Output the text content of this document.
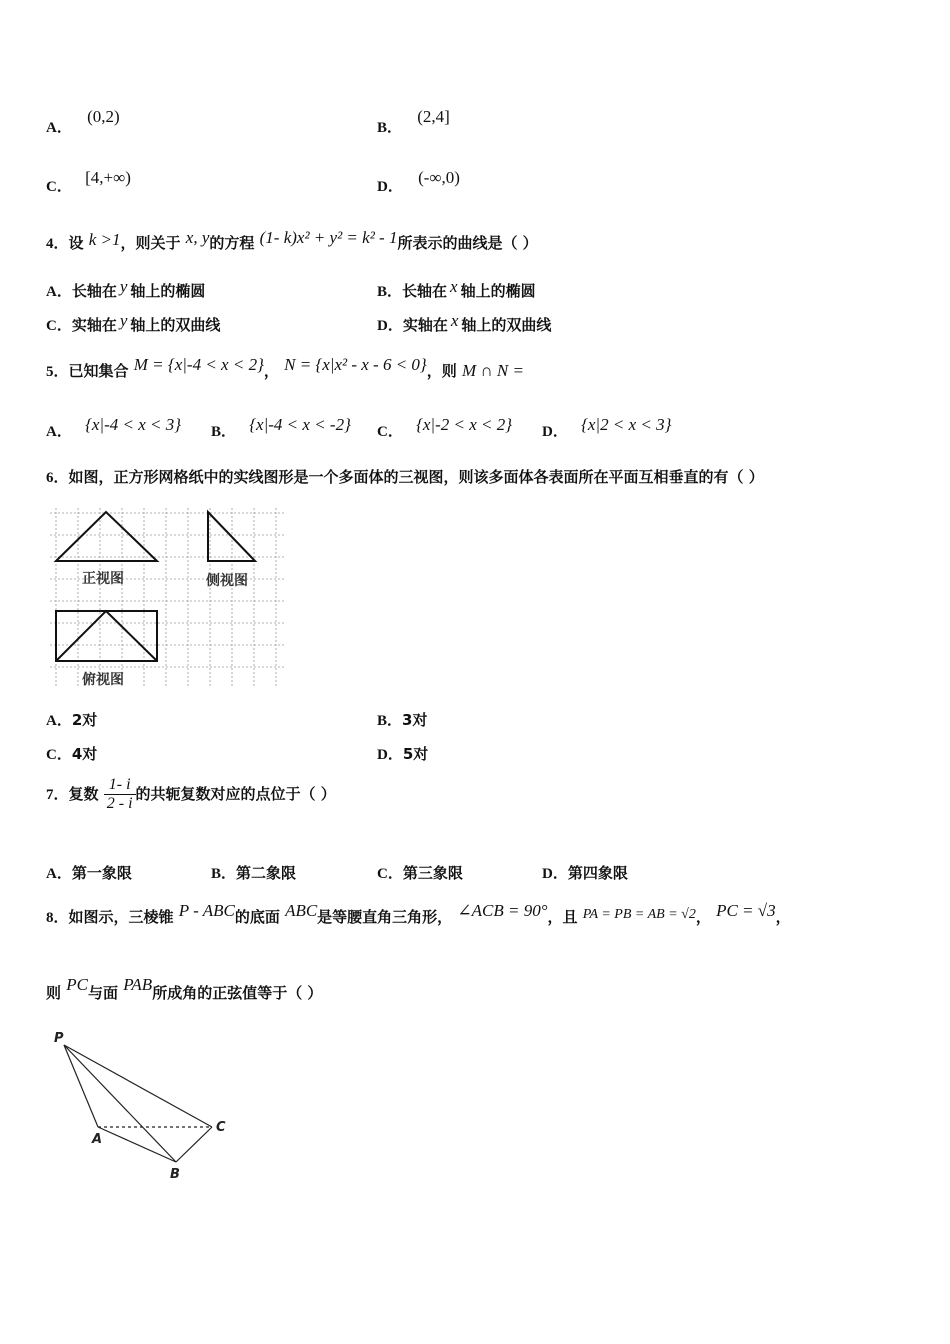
A． (0,2)
B． (2,4]
C． [4,+∞)	D． (-∞,0)
4．设 k >1，则关于 x, y的方程 (1- k)x² + y² = k² - 1所表示的曲线是（ ）
A．长轴在 y 轴上的椭圆	B．长轴在 x 轴上的椭圆
C．实轴在 y 轴上的双曲线	D．实轴在 x 轴上的双曲线
5．已知集合 M = {x|-4 < x < 2}， N = {x|x² - x - 6 < 0}，则 M ∩ N =
A． {x|-4 < x < 3} B． {x|-4 < x < -2} C． {x|-2 < x < 2} D． {x|2 < x < 3}
6．如图，正方形网格纸中的实线图形是一个多面体的三视图，则该多面体各表面所在平面互相垂直的有（ ）
正视图	侧视图
俯视图
A．2对	B．3对
C．4对	D．5对
7．复数 $\frac{1- i}{2 - i}$ 的共轭复数对应的点位于（ ）
A．第一象限	B．第二象限	C．第三象限	D．第四象限
8．如图示，三棱锥 P - ABC的底面 ABC是等腰直角三角形， ∠ACB = 90°，且 PA = PB = AB = √2， PC = √3，
则 PC与面 PAB所成角的正弦值等于（ ）
P
A
B
C
